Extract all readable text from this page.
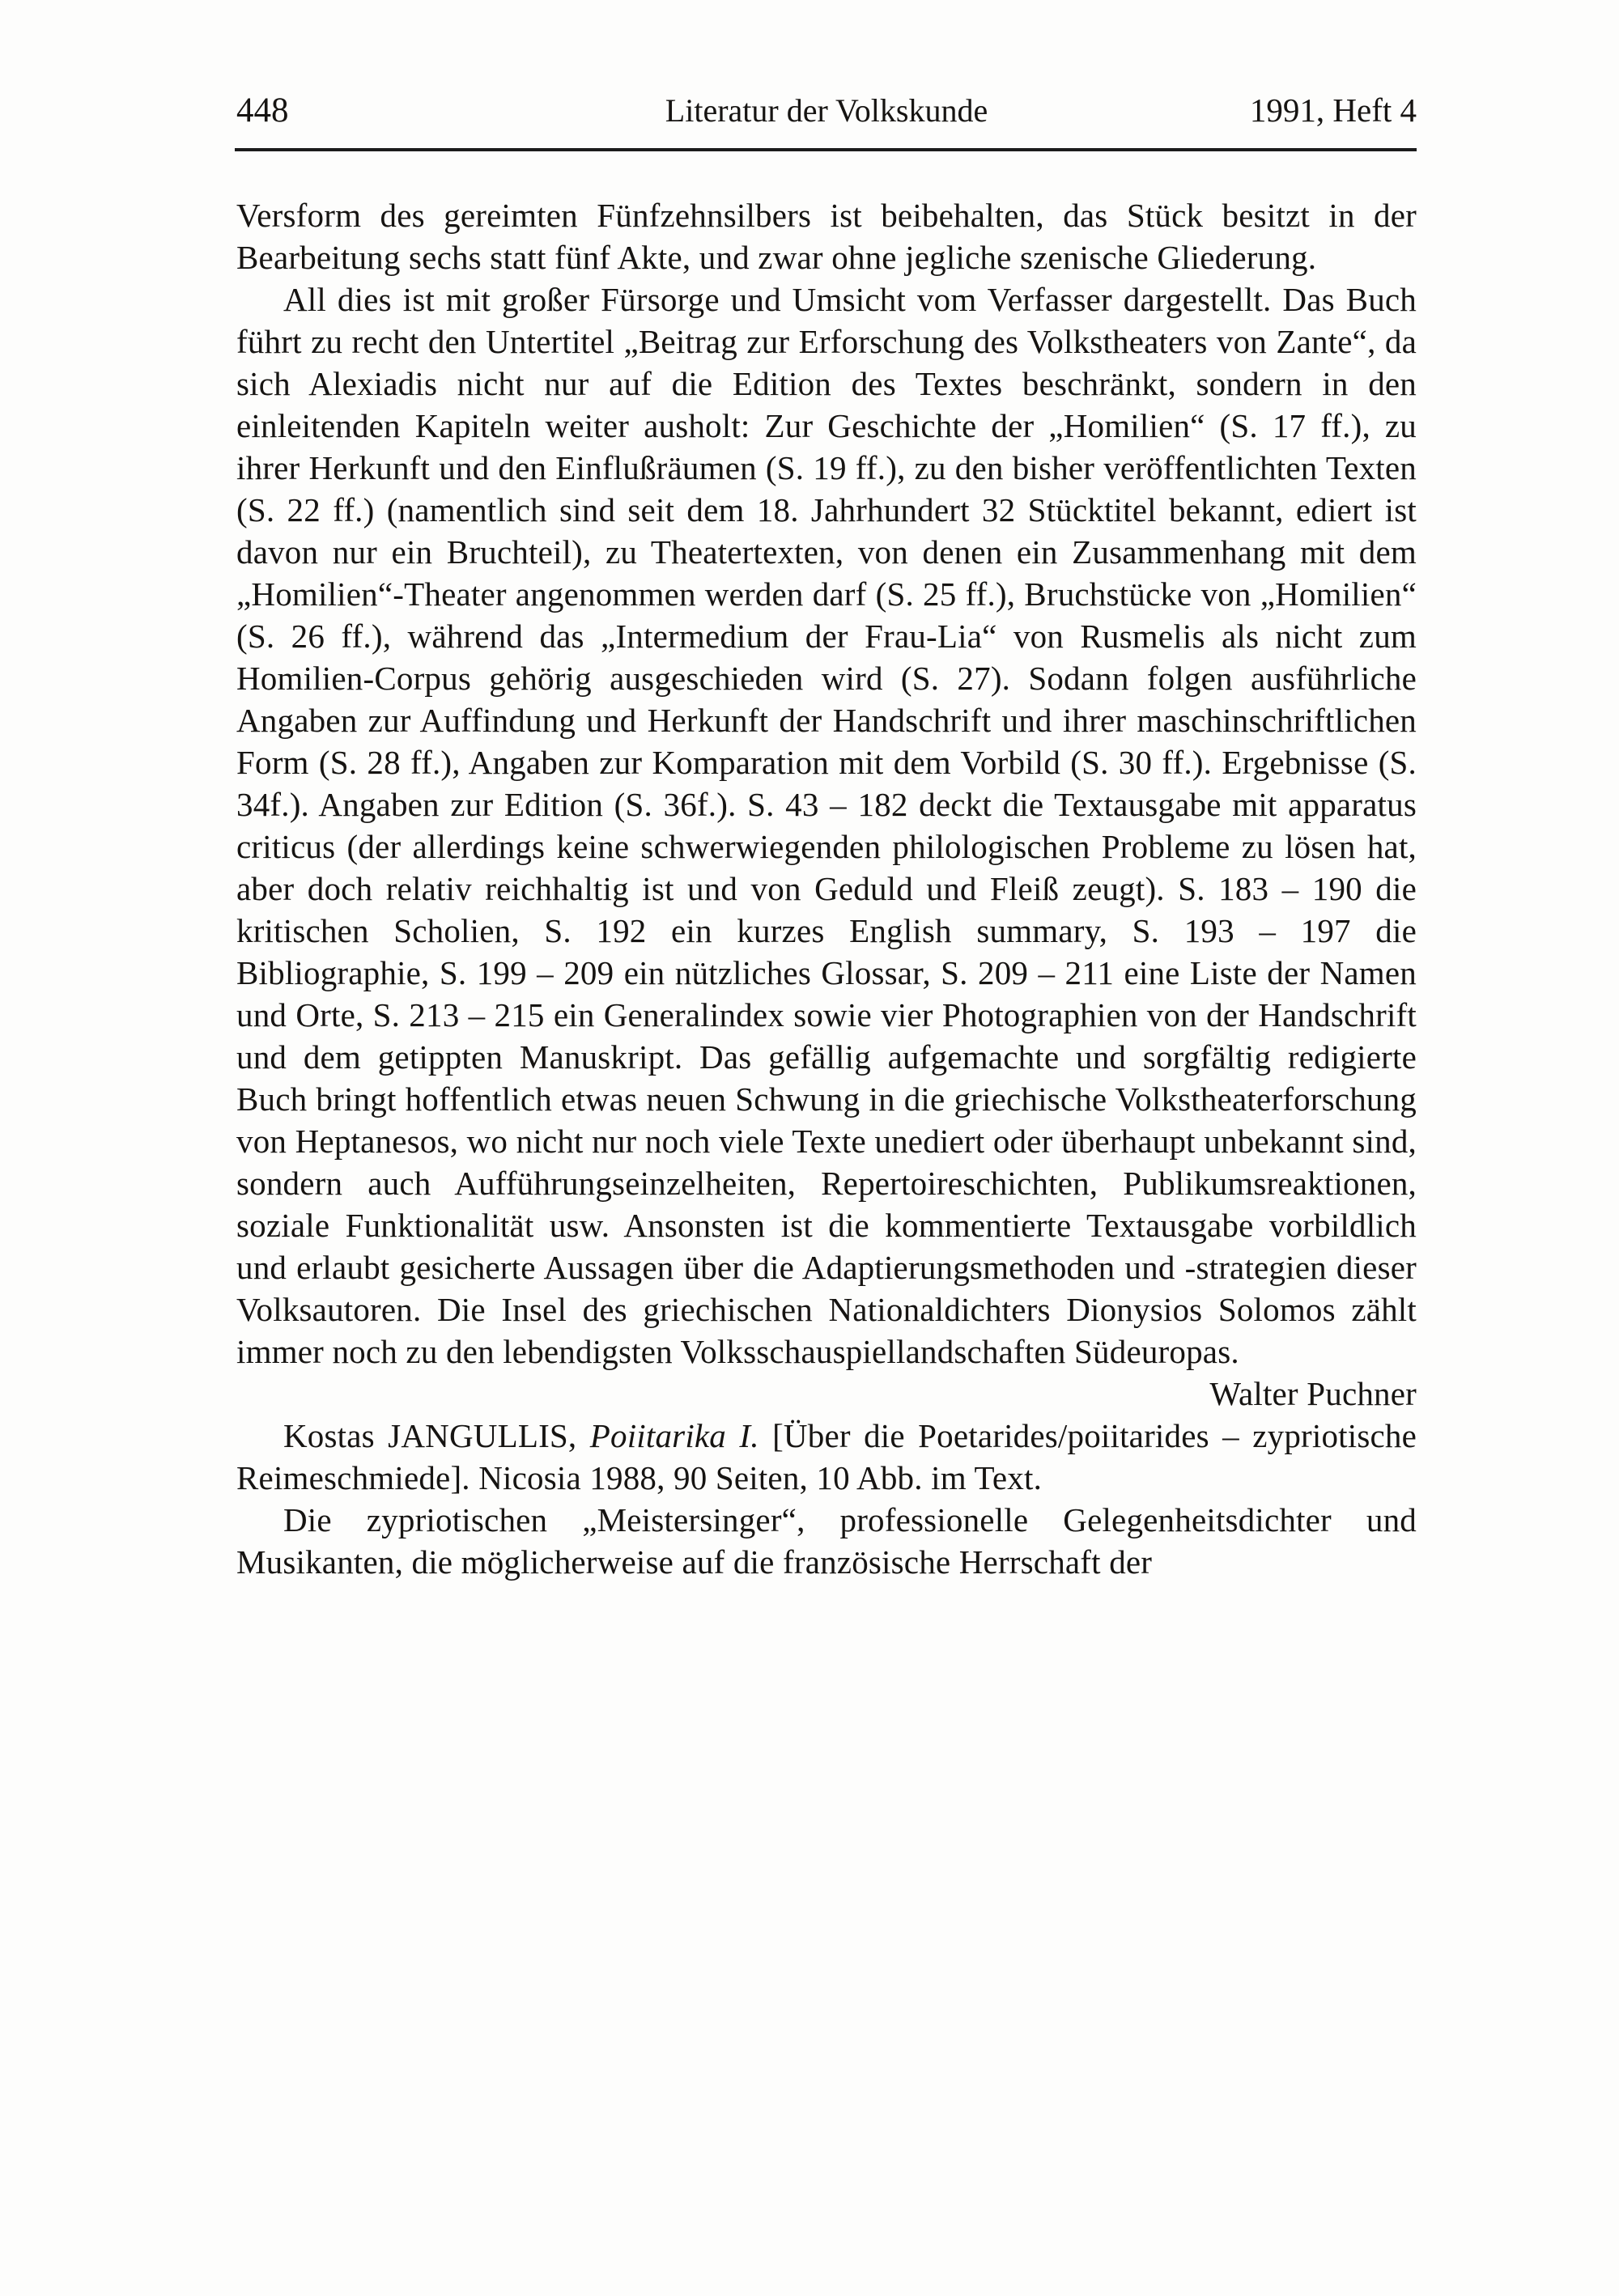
448	Literatur der Volkskunde	1991, Heft 4

Versform des gereimten Fünfzehnsilbers ist beibehalten, das Stück besitzt in der Bearbeitung sechs statt fünf Akte, und zwar ohne jegliche szenische Gliederung.

All dies ist mit großer Fürsorge und Umsicht vom Verfasser dargestellt. Das Buch führt zu recht den Untertitel „Beitrag zur Erforschung des Volkstheaters von Zante“, da sich Alexiadis nicht nur auf die Edition des Textes beschränkt, sondern in den einleitenden Kapiteln weiter ausholt: Zur Geschichte der „Homilien“ (S. 17 ff.), zu ihrer Herkunft und den Einflußräumen (S. 19 ff.), zu den bisher veröffentlichten Texten (S. 22 ff.) (namentlich sind seit dem 18. Jahrhundert 32 Stücktitel bekannt, ediert ist davon nur ein Bruchteil), zu Theatertexten, von denen ein Zusammenhang mit dem „Homilien“-Theater angenommen werden darf (S. 25 ff.), Bruchstücke von „Homilien“ (S. 26 ff.), während das „Intermedium der Frau-Lia“ von Rusmelis als nicht zum Homilien-Corpus gehörig ausgeschieden wird (S. 27). Sodann folgen ausführliche Angaben zur Auffindung und Herkunft der Handschrift und ihrer maschinschriftlichen Form (S. 28 ff.), Angaben zur Komparation mit dem Vorbild (S. 30 ff.). Ergebnisse (S. 34f.). Angaben zur Edition (S. 36f.). S. 43 – 182 deckt die Textausgabe mit apparatus criticus (der allerdings keine schwerwiegenden philologischen Probleme zu lösen hat, aber doch relativ reichhaltig ist und von Geduld und Fleiß zeugt). S. 183 – 190 die kritischen Scholien, S. 192 ein kurzes English summary, S. 193 – 197 die Bibliographie, S. 199 – 209 ein nützliches Glossar, S. 209 – 211 eine Liste der Namen und Orte, S. 213 – 215 ein Generalindex sowie vier Photographien von der Handschrift und dem getippten Manuskript. Das gefällig aufgemachte und sorgfältig redigierte Buch bringt hoffentlich etwas neuen Schwung in die griechische Volkstheaterforschung von Heptanesos, wo nicht nur noch viele Texte unediert oder überhaupt unbekannt sind, sondern auch Aufführungseinzelheiten, Repertoireschichten, Publikumsreaktionen, soziale Funktionalität usw. Ansonsten ist die kommentierte Textausgabe vorbildlich und erlaubt gesicherte Aussagen über die Adaptierungsmethoden und -strategien dieser Volksautoren. Die Insel des griechischen Nationaldichters Dionysios Solomos zählt immer noch zu den lebendigsten Volksschauspiellandschaften Südeuropas.

Walter Puchner

Kostas JANGULLIS, Poiitarika I. [Über die Poetarides/poiitarides – zypriotische Reimeschmiede]. Nicosia 1988, 90 Seiten, 10 Abb. im Text.

Die zypriotischen „Meistersinger“, professionelle Gelegenheitsdichter und Musikanten, die möglicherweise auf die französische Herrschaft der
